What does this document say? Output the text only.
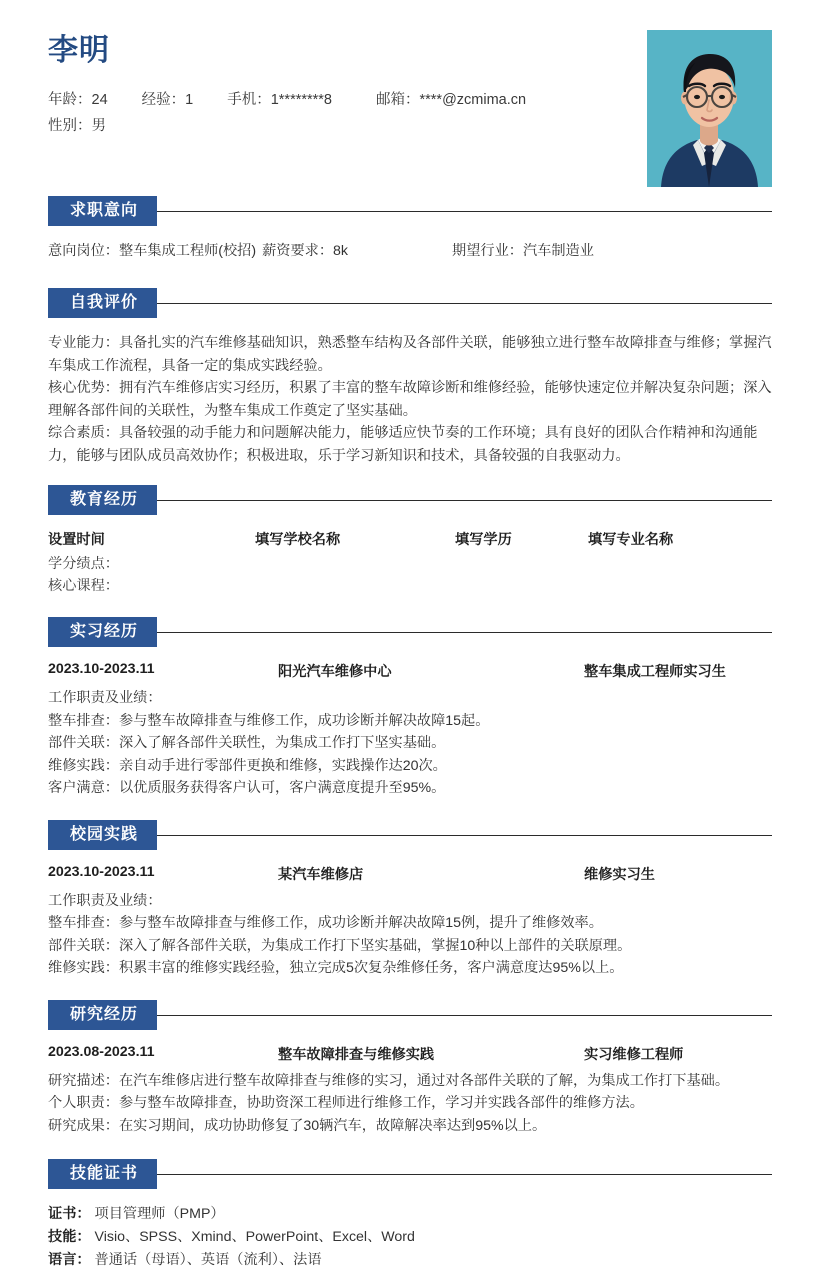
李明
年龄：24 经验：1 手机：1********8	邮箱：****@zcmima.cn
性别：男
求职意向
意向岗位：整车集成工程师(校招) 薪资要求：8k	期望行业：汽车制造业
自我评价

专业能力：具备扎实的汽车维修基础知识，熟悉整车结构及各部件关联，能够独立进行整车故障排查与维修；掌握汽车集成工作流程，具备一定的集成实践经验。

核心优势：拥有汽车维修店实习经历，积累了丰富的整车故障诊断和维修经验，能够快速定位并解决复杂问题；深入理解各部件间的关联性，为整车集成工作奠定了坚实基础。

综合素质：具备较强的动手能力和问题解决能力，能够适应快节奏的工作环境；具有良好的团队合作精神和沟通能力，能够与团队成员高效协作；积极进取，乐于学习新知识和技术，具备较强的自我驱动力。

教育经历
设置时间	填写学校名称	填写学历	填写专业名称
学分绩点：
核心课程：
实习经历
2023.10-2023.11	阳光汽车维修中心	整车集成工程师实习生
工作职责及业绩：
整车排查：参与整车故障排查与维修工作，成功诊断并解决故障15起。
部件关联：深入了解各部件关联性，为集成工作打下坚实基础。
维修实践：亲自动手进行零部件更换和维修，实践操作达20次。
客户满意：以优质服务获得客户认可，客户满意度提升至95%。
校园实践
2023.10-2023.11	某汽车维修店	维修实习生
工作职责及业绩：
整车排查：参与整车故障排查与维修工作，成功诊断并解决故障15例，提升了维修效率。
部件关联：深入了解各部件关联，为集成工作打下坚实基础，掌握10种以上部件的关联原理。
维修实践：积累丰富的维修实践经验，独立完成5次复杂维修任务，客户满意度达95%以上。
研究经历
2023.08-2023.11	整车故障排查与维修实践	实习维修工程师
研究描述：在汽车维修店进行整车故障排查与维修的实习，通过对各部件关联的了解，为集成工作打下基础。
个人职责：参与整车故障排查，协助资深工程师进行维修工作，学习并实践各部件的维修方法。
研究成果：在实习期间，成功协助修复了30辆汽车，故障解决率达到95%以上。
技能证书
证书： 项目管理师（PMP）
技能： Visio、SPSS、Xmind、PowerPoint、Excel、Word
语言： 普通话（母语）、英语（流利）、法语
